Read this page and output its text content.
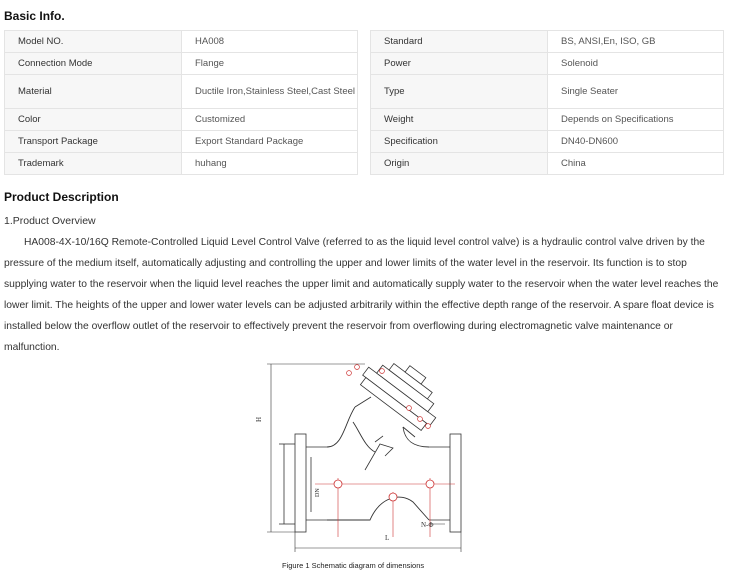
Basic Info.
Model NO.	HA008
Connection Mode	Flange
Material	Ductile Iron,Stainless Steel,Cast Steel
Color	Customized
Transport Package	Export Standard Package
Trademark	huhang
Standard	BS, ANSI,En, ISO, GB
Power	Solenoid
Type	Single Seater
Weight	Depends on Specifications
Specification	DN40-DN600
Origin	China
Product Description
1.Product Overview

HA008-4X-10/16Q Remote-Controlled Liquid Level Control Valve (referred to as the liquid level control valve) is a hydraulic control valve driven by the pressure of the medium itself, automatically adjusting and controlling the upper and lower limits of the water level in the reservoir. Its function is to stop supplying water to the reservoir when the liquid level reaches the upper limit and automatically supply water to the reservoir when the water level reaches the lower limit. The heights of the upper and lower water levels can be adjusted arbitrarily within the effective depth range of the reservoir. A spare float device is installed below the overflow outlet of the reservoir to effectively prevent the reservoir from overflowing during electromagnetic valve maintenance or malfunction.

H
DN
N-Φ
L
Figure 1 Schematic diagram of dimensions
